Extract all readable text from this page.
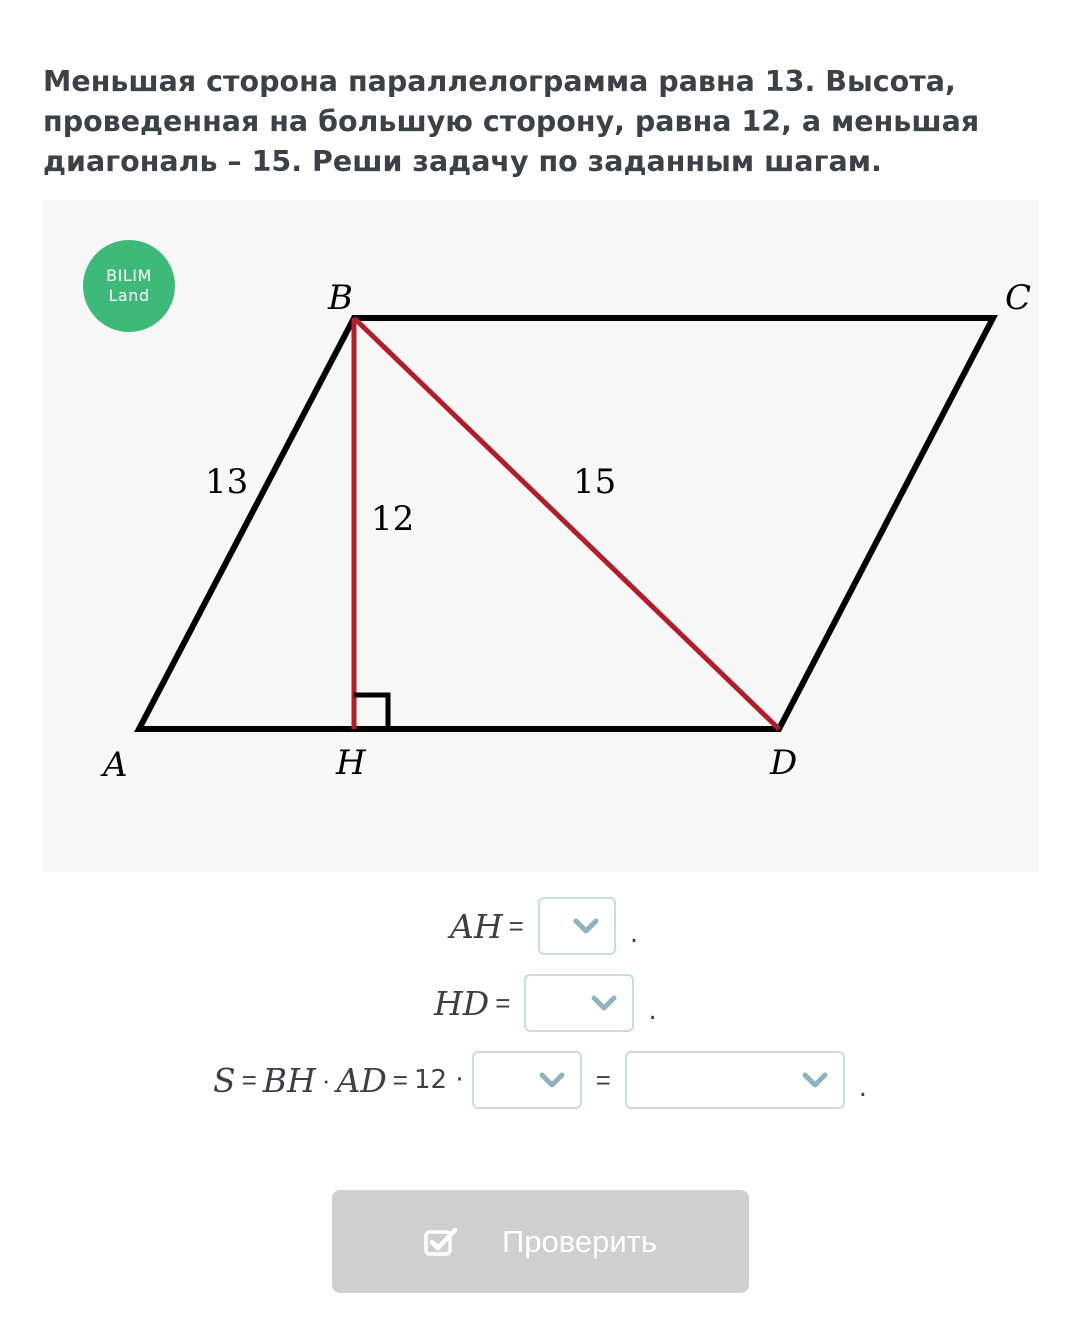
Меньшая сторона параллелограмма равна 13. Высота, проведенная на большую сторону, равна 12, а меньшая диагональ – 15. Реши задачу по заданным шагам.

BILIM
Land	B	C
A	H	D
13
12
15
AH =	.
HD =	.
S = BH · AD = 12 ·	=	.
Проверить
